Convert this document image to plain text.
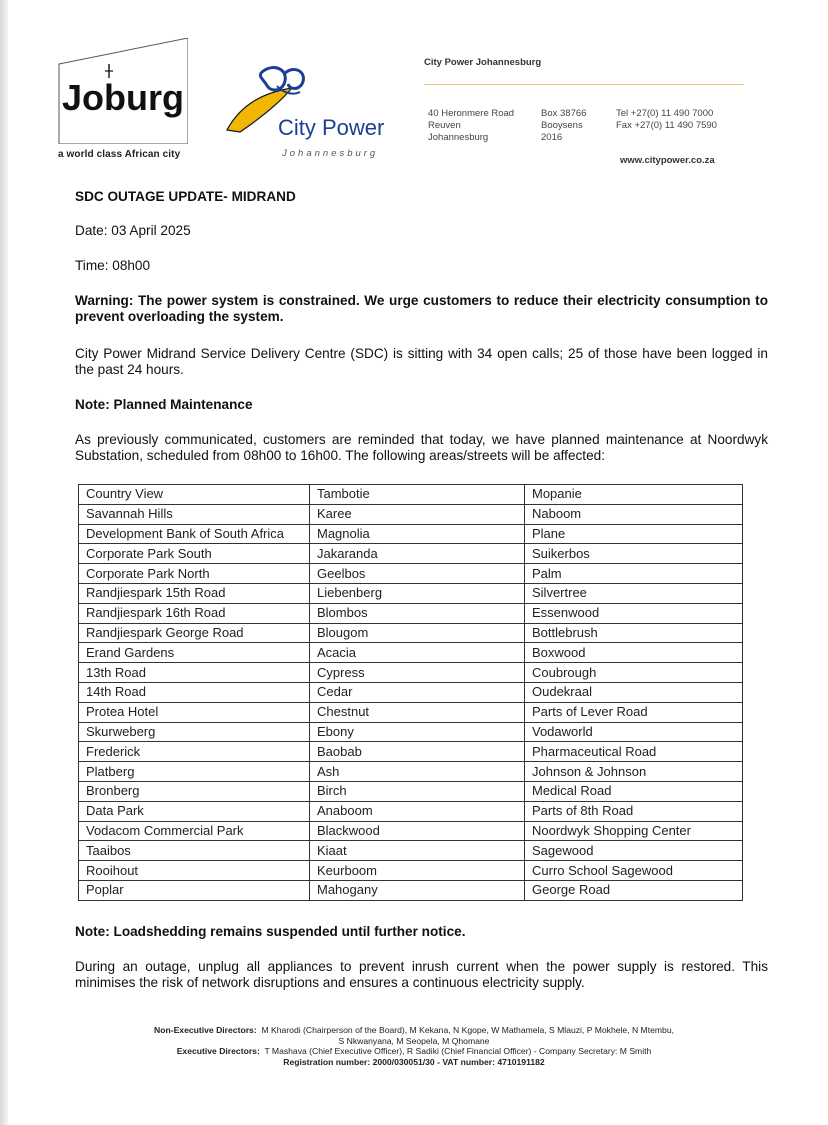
Joburg
a world class African city
City Power
Johannesburg
City Power Johannesburg
40 Heronmere Road
Reuven
Johannesburg
Box 38766
Booysens
2016
Tel +27(0) 11 490 7000
Fax +27(0) 11 490 7590
www.citypower.co.za
SDC OUTAGE UPDATE- MIDRAND
Date: 03 April 2025
Time: 08h00
Warning: The power system is constrained. We urge customers to reduce their electricity consumption to prevent overloading the system.
City Power Midrand Service Delivery Centre (SDC) is sitting with 34 open calls; 25 of those have been logged in the past 24 hours.
Note: Planned Maintenance
As previously communicated, customers are reminded that today, we have planned maintenance at Noordwyk Substation, scheduled from 08h00 to 16h00. The following areas/streets will be affected:
Country View	Tambotie	Mopanie
Savannah Hills	Karee	Naboom
Development Bank of South Africa	Magnolia	Plane
Corporate Park South	Jakaranda	Suikerbos
Corporate Park North	Geelbos	Palm
Randjiespark 15th Road	Liebenberg	Silvertree
Randjiespark 16th Road	Blombos	Essenwood
Randjiespark George Road	Blougom	Bottlebrush
Erand Gardens	Acacia	Boxwood
13th Road	Cypress	Coubrough
14th Road	Cedar	Oudekraal
Protea Hotel	Chestnut	Parts of Lever Road
Skurweberg	Ebony	Vodaworld
Frederick	Baobab	Pharmaceutical Road
Platberg	Ash	Johnson & Johnson
Bronberg	Birch	Medical Road
Data Park	Anaboom	Parts of 8th Road
Vodacom Commercial Park	Blackwood	Noordwyk Shopping Center
Taaibos	Kiaat	Sagewood
Rooihout	Keurboom	Curro School Sagewood
Poplar	Mahogany	George Road
Note: Loadshedding remains suspended until further notice.
During an outage, unplug all appliances to prevent inrush current when the power supply is restored. This minimises the risk of network disruptions and ensures a continuous electricity supply.
Non-Executive Directors: M Kharodi (Chairperson of the Board), M Kekana, N Kgope, W Mathamela, S Mlauzi, P Mokhele, N Mtembu,
S Nkwanyana, M Seopela, M Qhomane
Executive Directors: T Mashava (Chief Executive Officer), R Sadiki (Chief Financial Officer) - Company Secretary: M Smith
Registration number: 2000/030051/30 - VAT number: 4710191182
